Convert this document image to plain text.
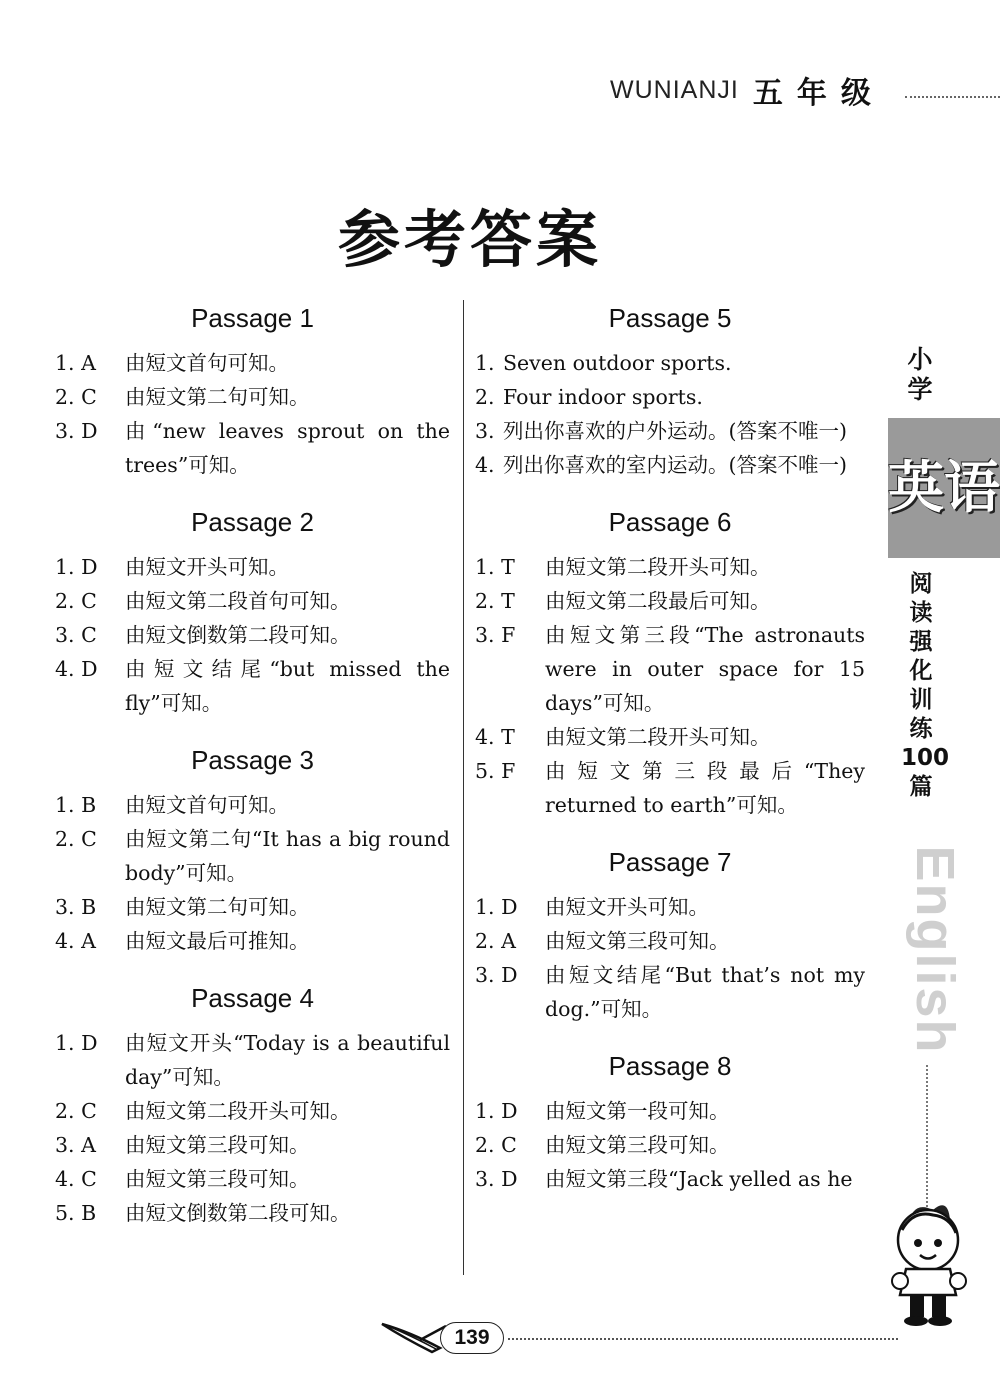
WUNIANJI 五年级
参考答案
Passage 1
1. A	由短文首句可知。
2. C	由短文第二句可知。
3. D	由“new leaves sprout on the trees”可知。
Passage 2
1. D	由短文开头可知。
2. C	由短文第二段首句可知。
3. C	由短文倒数第二段可知。
4. D	由短文结尾“but missed the fly”可知。
Passage 3
1. B	由短文首句可知。
2. C	由短文第二句“It has a big round body”可知。
3. B	由短文第二句可知。
4. A	由短文最后可推知。
Passage 4
1. D	由短文开头“Today is a beautiful day”可知。
2. C	由短文第二段开头可知。
3. A	由短文第三段可知。
4. C	由短文第三段可知。
5. B	由短文倒数第二段可知。
Passage 5
1. Seven outdoor sports.
2. Four indoor sports.
3. 列出你喜欢的户外运动。(答案不唯一)
4. 列出你喜欢的室内运动。(答案不唯一)
Passage 6
1. T	由短文第二段开头可知。
2. T	由短文第二段最后可知。
3. F	由短文第三段“The astronauts were in outer space for 15 days”可知。
4. T	由短文第二段开头可知。
5. F	由短文第三段最后“They returned to earth”可知。
Passage 7
1. D	由短文开头可知。
2. A	由短文第三段可知。
3. D	由短文结尾“But that’s not my dog.”可知。
Passage 8
1. D	由短文第一段可知。
2. C	由短文第三段可知。
3. D	由短文第三段“Jack yelled as he
小学
英语
阅读强化训练100篇
English
139
